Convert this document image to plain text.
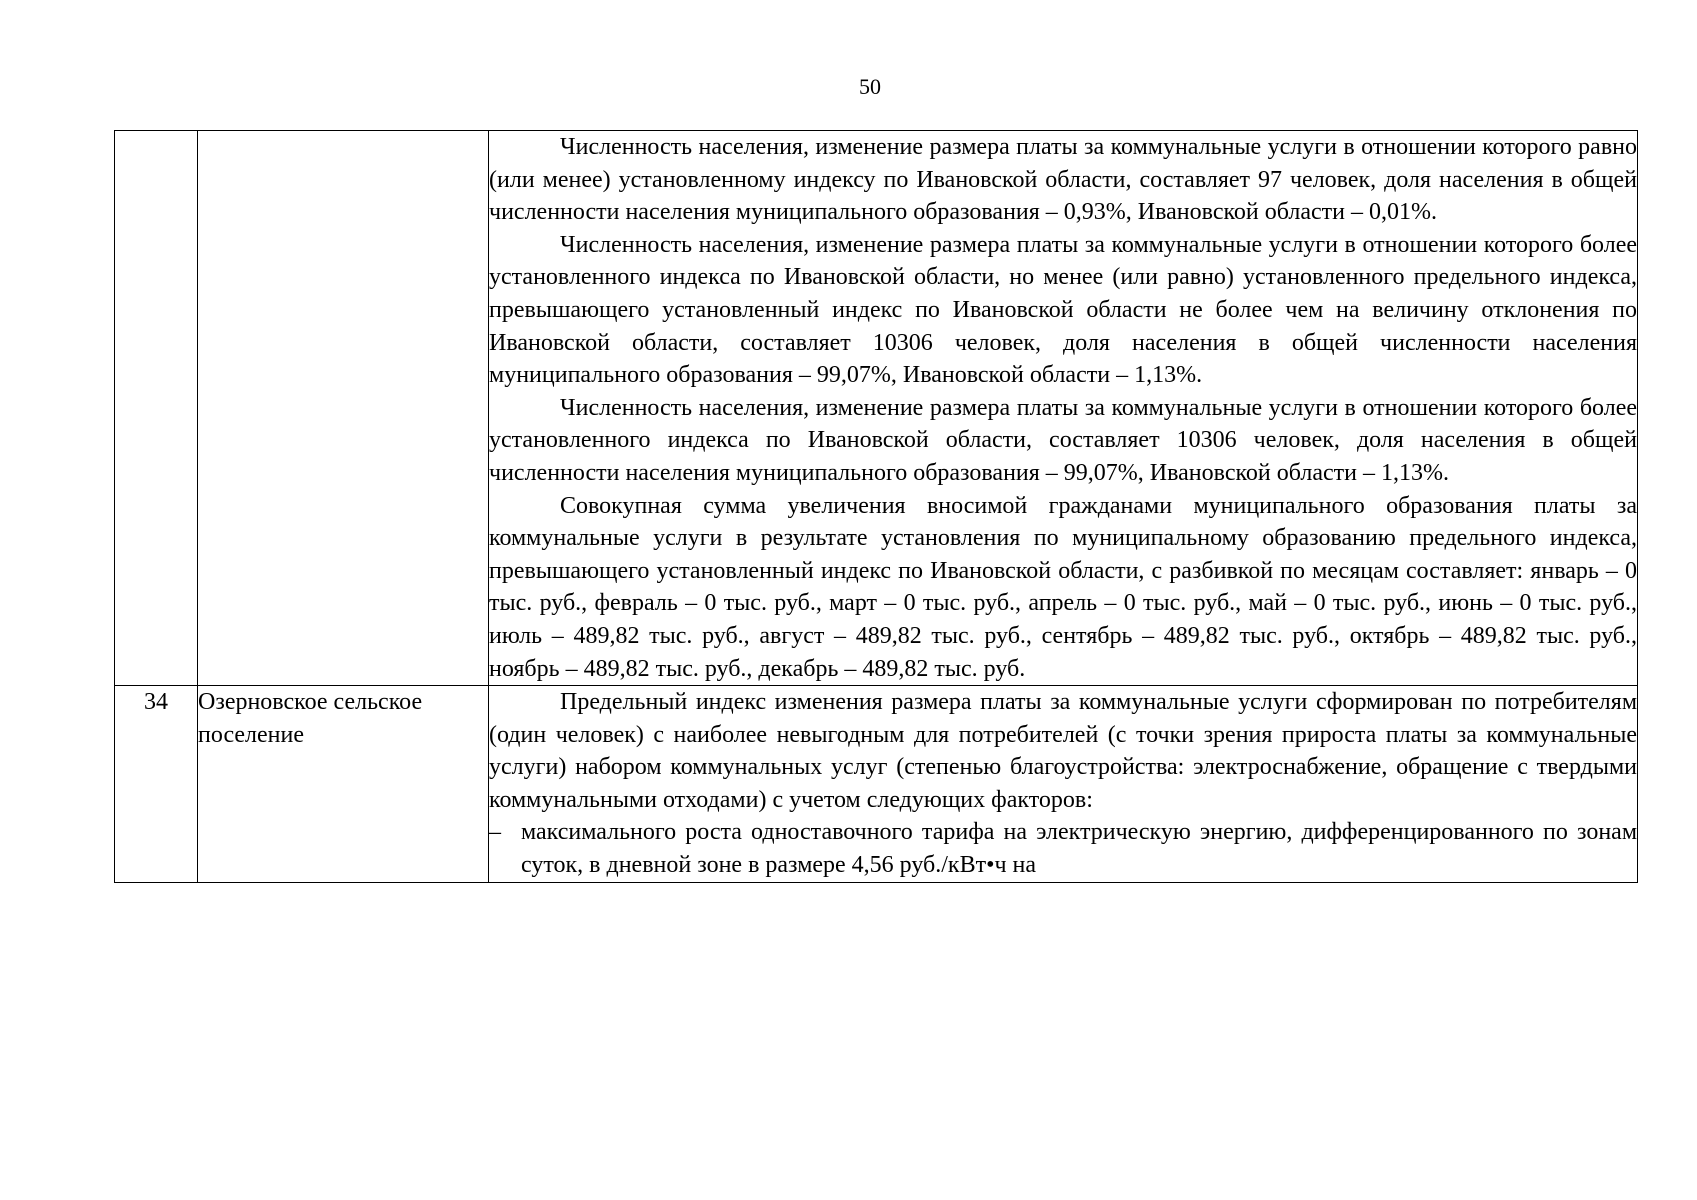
50

		Численность населения, изменение размера платы за коммунальные услуги в отношении которого равно (или менее) установленному индексу по Ивановской области, составляет 97 человек, доля населения в общей численности населения муниципального образования – 0,93%, Ивановской области – 0,01%.

Численность населения, изменение размера платы за коммунальные услуги в отношении которого более установленного индекса по Ивановской области, но менее (или равно) установленного предельного индекса, превышающего установленный индекс по Ивановской области не более чем на величину отклонения по Ивановской области, составляет 10306 человек, доля населения в общей численности населения муниципального образования – 99,07%, Ивановской области – 1,13%.

Численность населения, изменение размера платы за коммунальные услуги в отношении которого более установленного индекса по Ивановской области, составляет 10306 человек, доля населения в общей численности населения муниципального образования – 99,07%, Ивановской области – 1,13%.

Совокупная сумма увеличения вносимой гражданами муниципального образования платы за коммунальные услуги в результате установления по муниципальному образованию предельного индекса, превышающего установленный индекс по Ивановской области, с разбивкой по месяцам составляет: январь – 0 тыс. руб., февраль – 0 тыс. руб., март – 0 тыс. руб., апрель – 0 тыс. руб., май – 0 тыс. руб., июнь – 0 тыс. руб., июль – 489,82 тыс. руб., август – 489,82 тыс. руб., сентябрь – 489,82 тыс. руб., октябрь – 489,82 тыс. руб., ноябрь – 489,82 тыс. руб., декабрь – 489,82 тыс. руб.

34	Озерновское сельское поселение	Предельный индекс изменения размера платы за коммунальные услуги сформирован по потребителям (один человек) с наиболее невыгодным для потребителей (с точки зрения прироста платы за коммунальные услуги) набором коммунальных услуг (степенью благоустройства: электроснабжение, обращение с твердыми коммунальными отходами) с учетом следующих факторов:

– максимального роста одноставочного тарифа на электрическую энергию, дифференцированного по зонам суток, в дневной зоне в размере 4,56 руб./кВт•ч на
